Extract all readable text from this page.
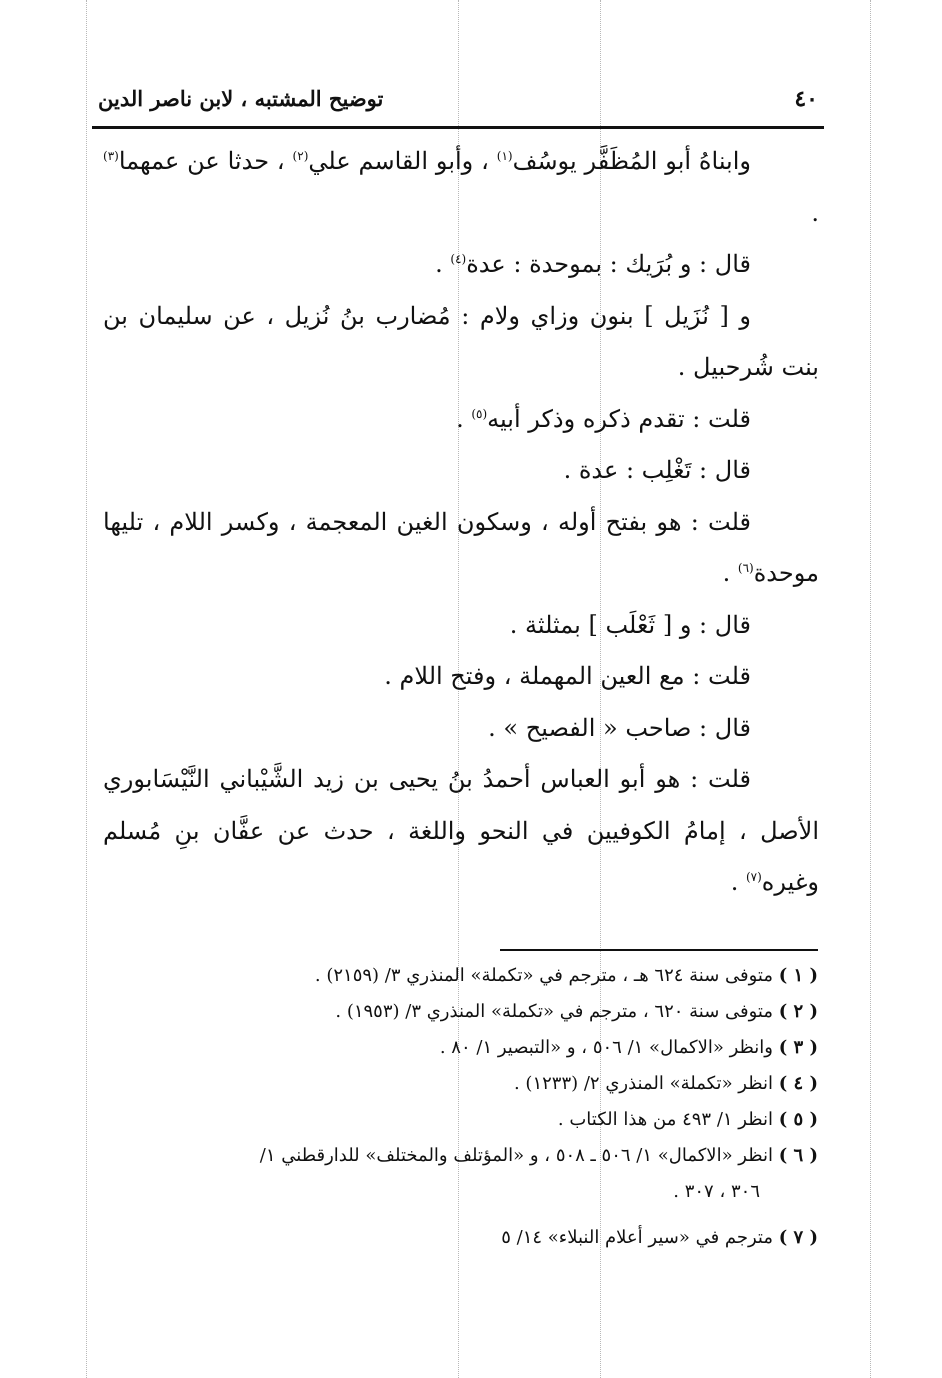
٤٠
توضيح المشتبه ، لابن ناصر الدين

وابناهُ أبو المُظَفَّر يوسُف$^{(١)}$ ، وأبو القاسم علي$^{(٢)}$ ، حدثا عن عمهما$^{(٣)}$ .

قال : و بُرَيك : بموحدة : عدة$^{(٤)}$ .

و [ نُزَيل ] بنون وزاي ولام : مُضارب بنُ نُزيل ، عن سليمان بن بنت شُرحبيل .

قلت : تقدم ذكره وذكر أبيه$^{(٥)}$ .

قال : تَغْلِب : عدة .

قلت : هو بفتح أوله ، وسكون الغين المعجمة ، وكسر اللام ، تليها موحدة$^{(٦)}$ .

قال : و [ ثَعْلَب ] بمثلثة .

قلت : مع العين المهملة ، وفتح اللام .

قال : صاحب « الفصيح » .

قلت : هو أبو العباس أحمدُ بنُ يحيى بن زيد الشَّيْباني النَّيْسَابوري الأصل ، إمامُ الكوفيين في النحو واللغة ، حدث عن عفَّان بنِ مُسلم وغيره$^{(٧)}$ .

( ١ ) متوفى سنة ٦٢٤ هـ ، مترجم في «تكملة» المنذري ٣/ (٢١٥٩) .

( ٢ ) متوفى سنة ٦٢٠ ، مترجم في «تكملة» المنذري ٣/ (١٩٥٣) .

( ٣ ) وانظر «الاكمال» ١/ ٥٠٦ ، و «التبصير ١/ ٨٠ .

( ٤ ) انظر «تكملة» المنذري ٢/ (١٢٣٣) .

( ٥ ) انظر ١/ ٤٩٣ من هذا الكتاب .

( ٦ ) انظر «الاكمال» ١/ ٥٠٦ ـ ٥٠٨ ، و «المؤتلف والمختلف» للدارقطني ١/

٣٠٦ ، ٣٠٧ .

( ٧ ) مترجم في «سير أعلام النبلاء» ١٤/ ٥
